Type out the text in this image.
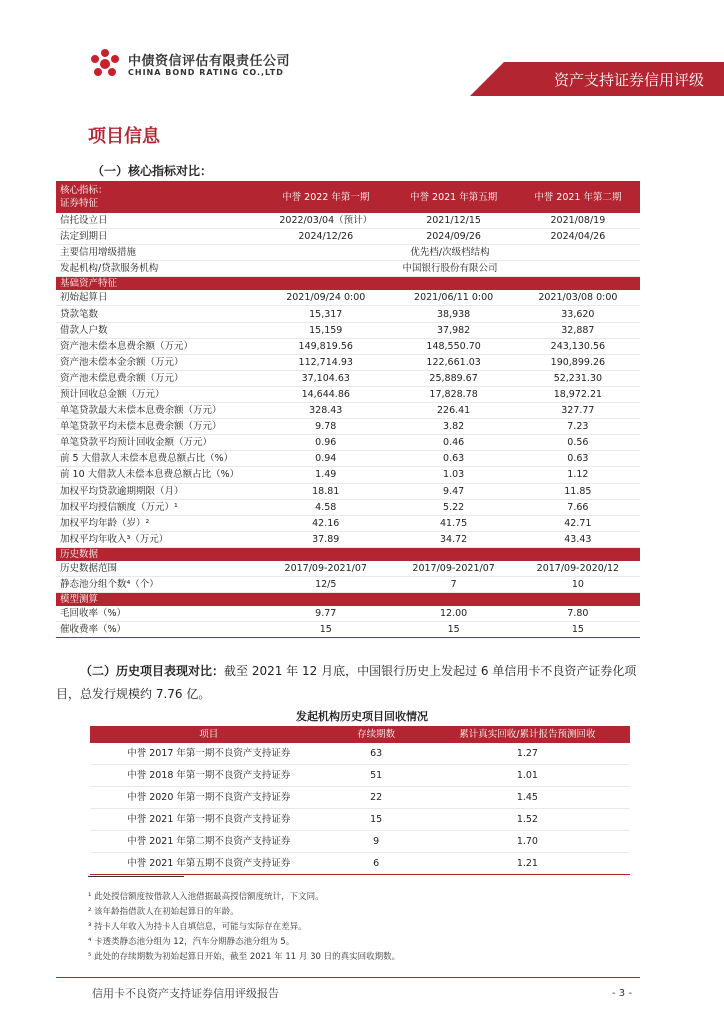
中债资信评估有限责任公司
CHINA BOND RATING CO.,LTD	资产支持证券信用评级
项目信息
（一）核心指标对比：
核心指标：
证券特征	中誉 2022 年第一期	中誉 2021 年第五期	中誉 2021 年第二期
信托设立日	2022/03/04（预计）	2021/12/15	2021/08/19
法定到期日	2024/12/26	2024/09/26	2024/04/26
主要信用增级措施	优先档/次级档结构		
发起机构/贷款服务机构	中国银行股份有限公司		
基础资产特征			
初始起算日	2021/09/24 0:00	2021/06/11 0:00	2021/03/08 0:00
贷款笔数	15,317	38,938	33,620
借款人户数	15,159	37,982	32,887
资产池未偿本息费余额（万元）	149,819.56	148,550.70	243,130.56
资产池未偿本金余额（万元）	112,714.93	122,661.03	190,899.26
资产池未偿息费余额（万元）	37,104.63	25,889.67	52,231.30
预计回收总金额（万元）	14,644.86	17,828.78	18,972.21
单笔贷款最大未偿本息费余额（万元）	328.43	226.41	327.77
单笔贷款平均未偿本息费余额（万元）	9.78	3.82	7.23
单笔贷款平均预计回收金额（万元）	0.96	0.46	0.56
前 5 大借款人未偿本息费总额占比（%）	0.94	0.63	0.63
前 10 大借款人未偿本息费总额占比（%）	1.49	1.03	1.12
加权平均贷款逾期期限（月）	18.81	9.47	11.85
加权平均授信额度（万元）¹	4.58	5.22	7.66
加权平均年龄（岁）²	42.16	41.75	42.71
加权平均年收入³（万元）	37.89	34.72	43.43
历史数据			
历史数据范围	2017/09-2021/07	2017/09-2021/07	2017/09-2020/12
静态池分组个数⁴（个）	12/5	7	10
模型测算			
毛回收率（%）	9.77	12.00	7.80
催收费率（%）	15	15	15
（二）历史项目表现对比：截至 2021 年 12 月底，中国银行历史上发起过 6 单信用卡不良资产证券化项目，总发行规模约 7.76 亿。
发起机构历史项目回收情况
项目	存续期数	累计真实回收/累计报告预测回收
中誉 2017 年第一期不良资产支持证券	63	1.27
中誉 2018 年第一期不良资产支持证券	51	1.01
中誉 2020 年第一期不良资产支持证券	22	1.45
中誉 2021 年第一期不良资产支持证券	15	1.52
中誉 2021 年第二期不良资产支持证券	9	1.70
中誉 2021 年第五期不良资产支持证券	6	1.21
¹ 此处授信额度按借款人入池借据最高授信额度统计，下文同。
² 该年龄指借款人在初始起算日的年龄。
³ 持卡人年收入为持卡人自填信息，可能与实际存在差异。
⁴ 卡透类静态池分组为 12，汽车分期静态池分组为 5。
⁵ 此处的存续期数为初始起算日开始，截至 2021 年 11 月 30 日的真实回收期数。
信用卡不良资产支持证券信用评级报告	- 3 -
